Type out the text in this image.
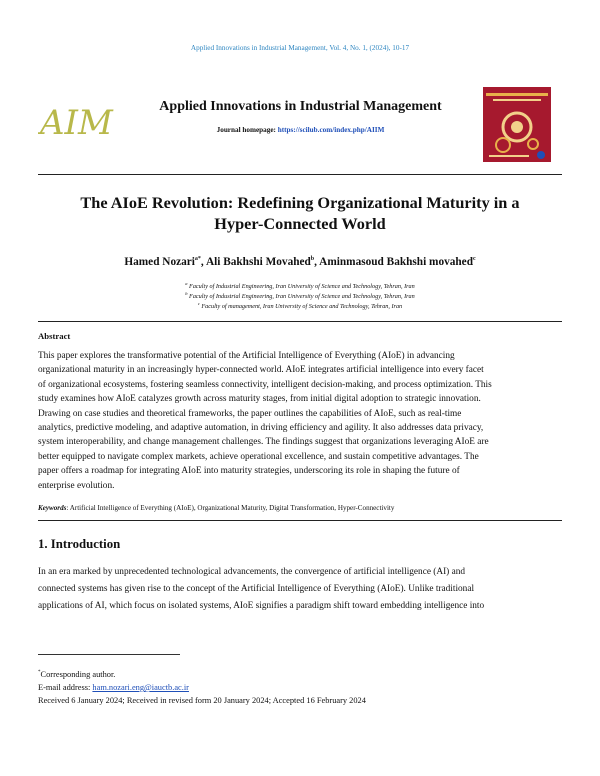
Applied Innovations in Industrial Management, Vol. 4, No. 1, (2024), 10-17
AIM	Applied Innovations in Industrial Management
Journal homepage: https://scilub.com/index.php/AIIM
The AIoE Revolution: Redefining Organizational Maturity in a
Hyper-Connected World
Hamed Nozari$^{a*}$, Ali Bakhshi Movahed$^b$, Aminmasoud Bakhshi movahed$^c$
$^a$ Faculty of Industrial Engineering, Iran University of Science and Technology, Tehran, Iran
$^b$ Faculty of Industrial Engineering, Iran University of Science and Technology, Tehran, Iran
$^c$ Faculty of management, Iran University of Science and Technology, Tehran, Iran
Abstract
This paper explores the transformative potential of the Artificial Intelligence of Everything (AIoE) in advancing
organizational maturity in an increasingly hyper-connected world. AIoE integrates artificial intelligence into every facet
of organizational ecosystems, fostering seamless connectivity, intelligent decision-making, and process optimization. This
study examines how AIoE catalyzes growth across maturity stages, from initial digital adoption to strategic innovation.
Drawing on case studies and theoretical frameworks, the paper outlines the capabilities of AIoE, such as real-time
analytics, predictive modeling, and adaptive automation, in driving efficiency and agility. It also addresses data privacy,
system interoperability, and change management challenges. The findings suggest that organizations leveraging AIoE are
better equipped to navigate complex markets, achieve operational excellence, and sustain competitive advantages. The
paper offers a roadmap for integrating AIoE into maturity strategies, underscoring its role in shaping the future of
enterprise evolution.
Keywords: Artificial Intelligence of Everything (AIoE), Organizational Maturity, Digital Transformation, Hyper-Connectivity
1. Introduction
In an era marked by unprecedented technological advancements, the convergence of artificial intelligence (AI) and
connected systems has given rise to the concept of the Artificial Intelligence of Everything (AIoE). Unlike traditional
applications of AI, which focus on isolated systems, AIoE signifies a paradigm shift toward embedding intelligence into
*Corresponding author.
E-mail address: ham.nozari.eng@iauctb.ac.ir
Received 6 January 2024; Received in revised form 20 January 2024; Accepted 16 February 2024
